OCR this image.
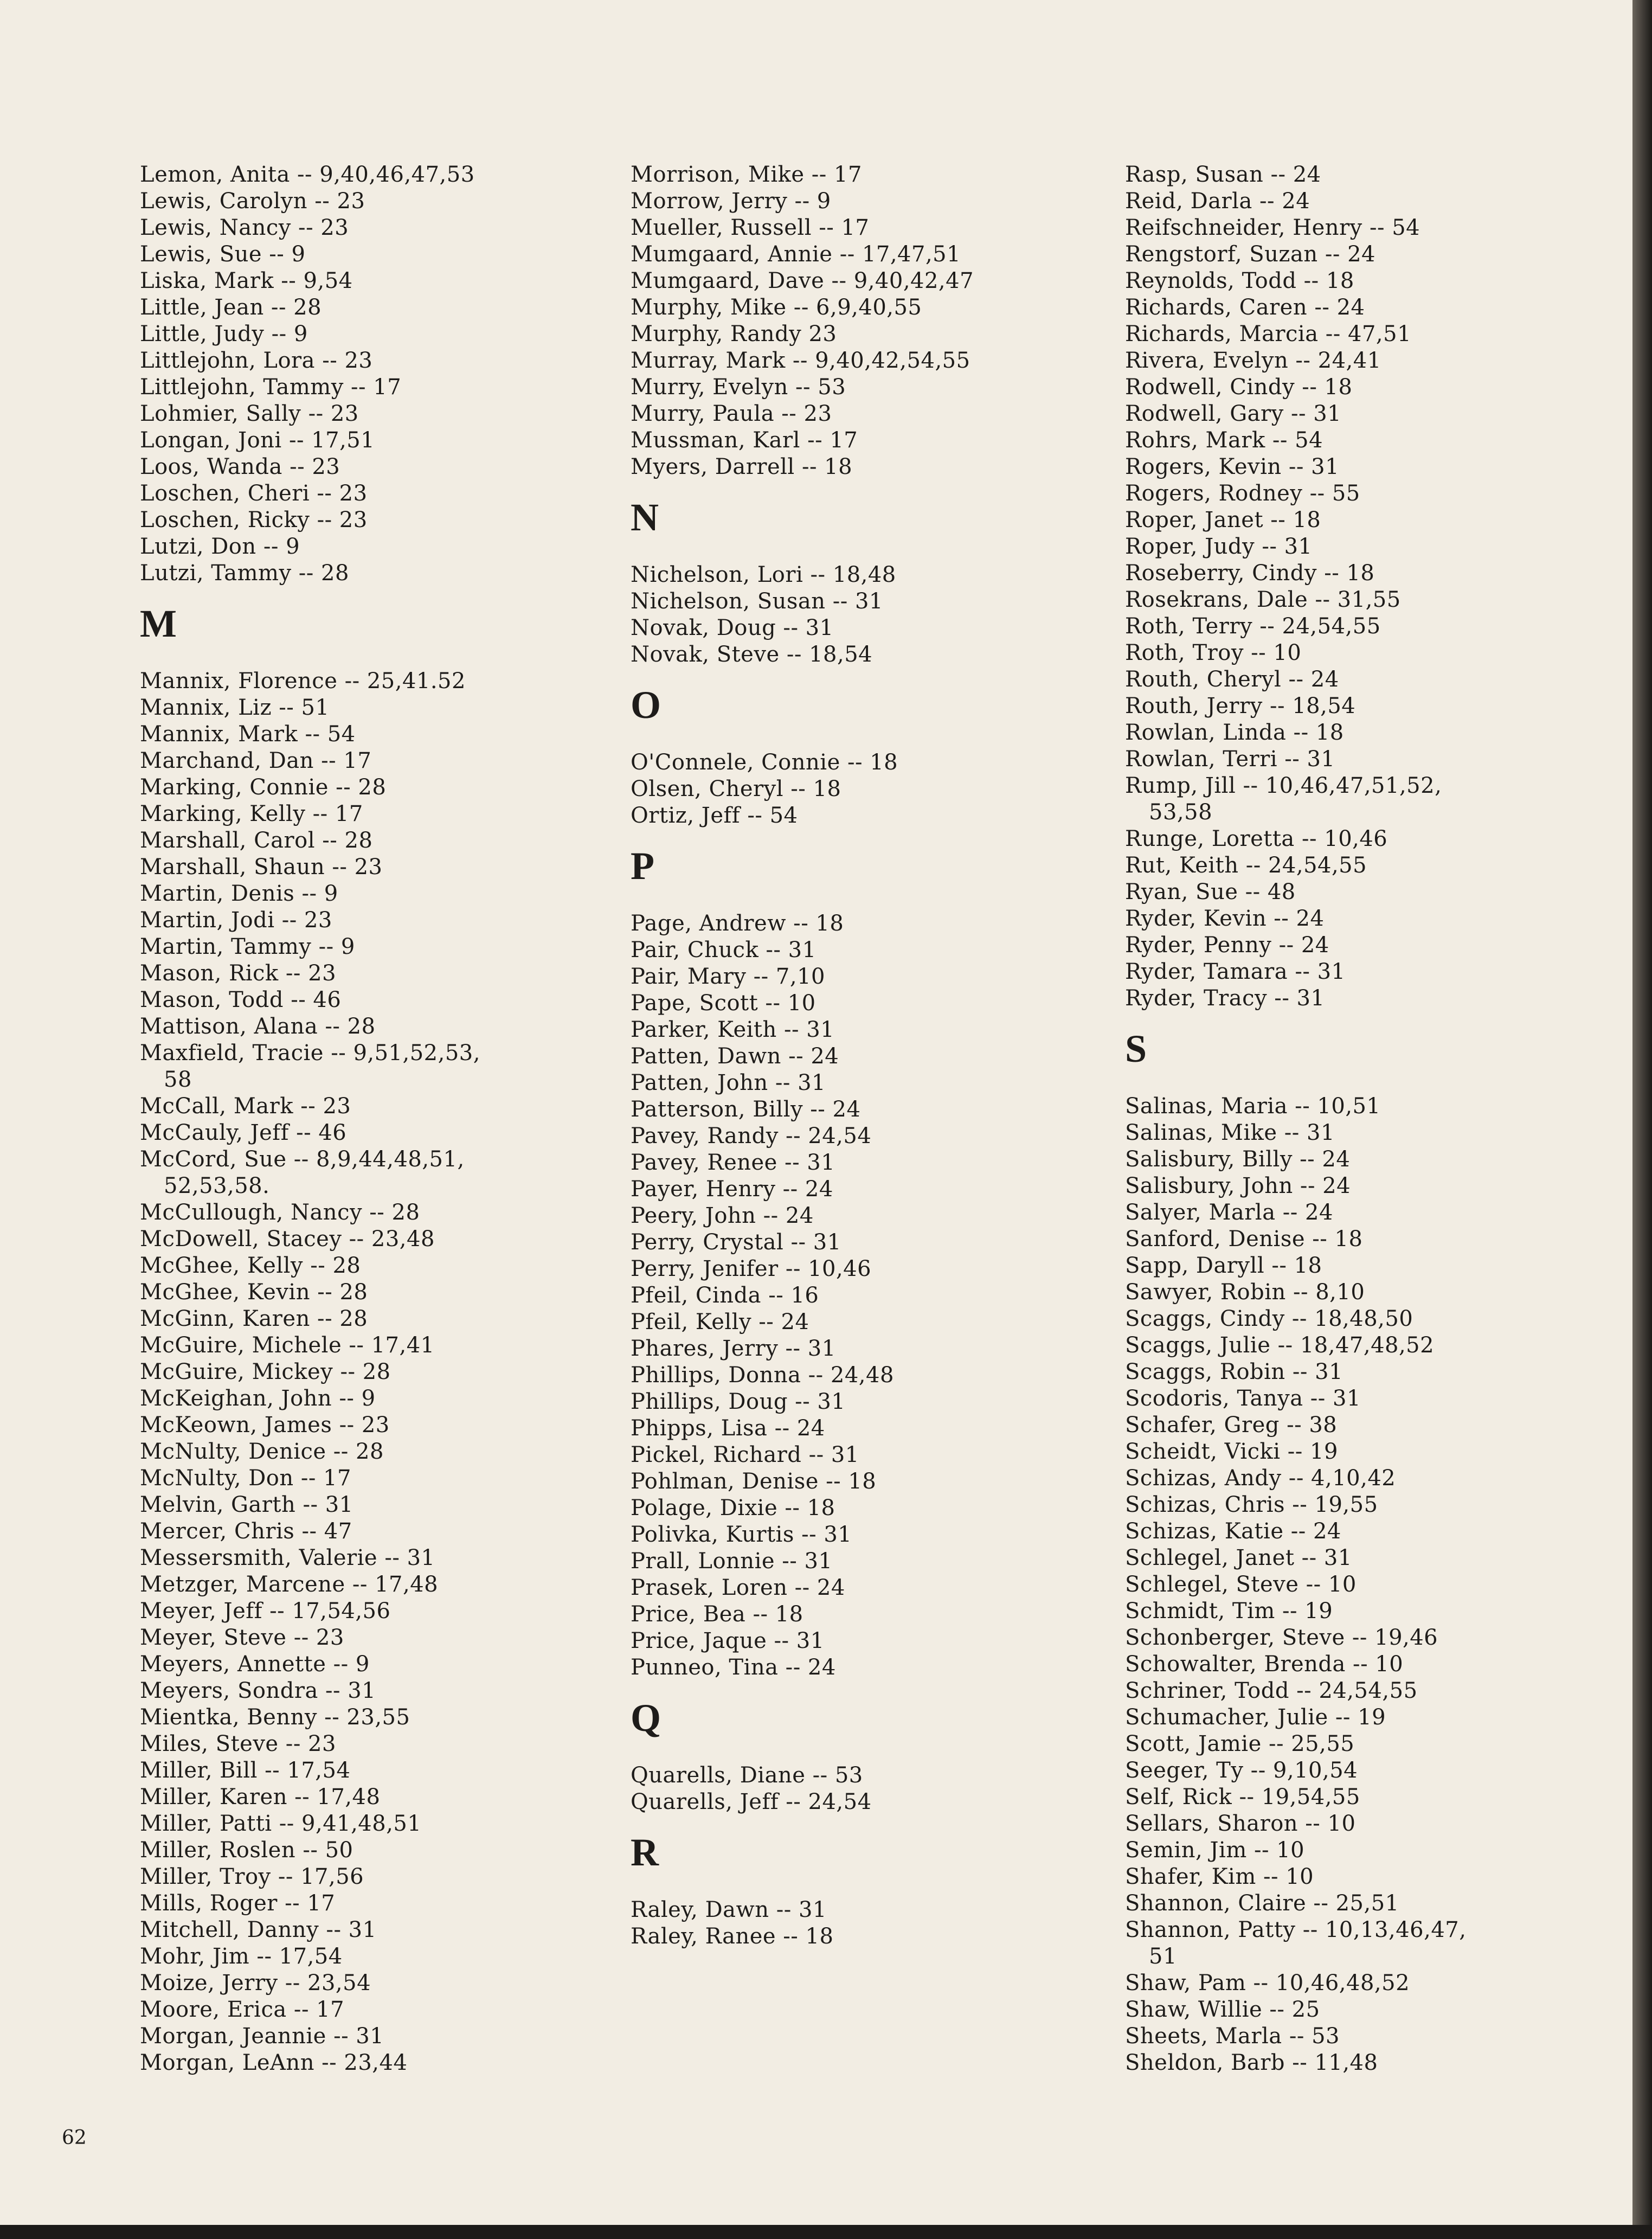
Lemon, Anita -- 9,40,46,47,53
Lewis, Carolyn -- 23
Lewis, Nancy -- 23
Lewis, Sue -- 9
Liska, Mark -- 9,54
Little, Jean -- 28
Little, Judy -- 9
Littlejohn, Lora -- 23
Littlejohn, Tammy -- 17
Lohmier, Sally -- 23
Longan, Joni -- 17,51
Loos, Wanda -- 23
Loschen, Cheri -- 23
Loschen, Ricky -- 23
Lutzi, Don -- 9
Lutzi, Tammy -- 28
M
Mannix, Florence -- 25,41.52
Mannix, Liz -- 51
Mannix, Mark -- 54
Marchand, Dan -- 17
Marking, Connie -- 28
Marking, Kelly -- 17
Marshall, Carol -- 28
Marshall, Shaun -- 23
Martin, Denis -- 9
Martin, Jodi -- 23
Martin, Tammy -- 9
Mason, Rick -- 23
Mason, Todd -- 46
Mattison, Alana -- 28
Maxfield, Tracie -- 9,51,52,53,
58
McCall, Mark -- 23
McCauly, Jeff -- 46
McCord, Sue -- 8,9,44,48,51,
52,53,58.
McCullough, Nancy -- 28
McDowell, Stacey -- 23,48
McGhee, Kelly -- 28
McGhee, Kevin -- 28
McGinn, Karen -- 28
McGuire, Michele -- 17,41
McGuire, Mickey -- 28
McKeighan, John -- 9
McKeown, James -- 23
McNulty, Denice -- 28
McNulty, Don -- 17
Melvin, Garth -- 31
Mercer, Chris -- 47
Messersmith, Valerie -- 31
Metzger, Marcene -- 17,48
Meyer, Jeff -- 17,54,56
Meyer, Steve -- 23
Meyers, Annette -- 9
Meyers, Sondra -- 31
Mientka, Benny -- 23,55
Miles, Steve -- 23
Miller, Bill -- 17,54
Miller, Karen -- 17,48
Miller, Patti -- 9,41,48,51
Miller, Roslen -- 50
Miller, Troy -- 17,56
Mills, Roger -- 17
Mitchell, Danny -- 31
Mohr, Jim -- 17,54
Moize, Jerry -- 23,54
Moore, Erica -- 17
Morgan, Jeannie -- 31
Morgan, LeAnn -- 23,44
Morrison, Mike -- 17
Morrow, Jerry -- 9
Mueller, Russell -- 17
Mumgaard, Annie -- 17,47,51
Mumgaard, Dave -- 9,40,42,47
Murphy, Mike -- 6,9,40,55
Murphy, Randy 23
Murray, Mark -- 9,40,42,54,55
Murry, Evelyn -- 53
Murry, Paula -- 23
Mussman, Karl -- 17
Myers, Darrell -- 18
N
Nichelson, Lori -- 18,48
Nichelson, Susan -- 31
Novak, Doug -- 31
Novak, Steve -- 18,54
O
O'Connele, Connie -- 18
Olsen, Cheryl -- 18
Ortiz, Jeff -- 54
P
Page, Andrew -- 18
Pair, Chuck -- 31
Pair, Mary -- 7,10
Pape, Scott -- 10
Parker, Keith -- 31
Patten, Dawn -- 24
Patten, John -- 31
Patterson, Billy -- 24
Pavey, Randy -- 24,54
Pavey, Renee -- 31
Payer, Henry -- 24
Peery, John -- 24
Perry, Crystal -- 31
Perry, Jenifer -- 10,46
Pfeil, Cinda -- 16
Pfeil, Kelly -- 24
Phares, Jerry -- 31
Phillips, Donna -- 24,48
Phillips, Doug -- 31
Phipps, Lisa -- 24
Pickel, Richard -- 31
Pohlman, Denise -- 18
Polage, Dixie -- 18
Polivka, Kurtis -- 31
Prall, Lonnie -- 31
Prasek, Loren -- 24
Price, Bea -- 18
Price, Jaque -- 31
Punneo, Tina -- 24
Q
Quarells, Diane -- 53
Quarells, Jeff -- 24,54
R
Raley, Dawn -- 31
Raley, Ranee -- 18
Rasp, Susan -- 24
Reid, Darla -- 24
Reifschneider, Henry -- 54
Rengstorf, Suzan -- 24
Reynolds, Todd -- 18
Richards, Caren -- 24
Richards, Marcia -- 47,51
Rivera, Evelyn -- 24,41
Rodwell, Cindy -- 18
Rodwell, Gary -- 31
Rohrs, Mark -- 54
Rogers, Kevin -- 31
Rogers, Rodney -- 55
Roper, Janet -- 18
Roper, Judy -- 31
Roseberry, Cindy -- 18
Rosekrans, Dale -- 31,55
Roth, Terry -- 24,54,55
Roth, Troy -- 10
Routh, Cheryl -- 24
Routh, Jerry -- 18,54
Rowlan, Linda -- 18
Rowlan, Terri -- 31
Rump, Jill -- 10,46,47,51,52,
53,58
Runge, Loretta -- 10,46
Rut, Keith -- 24,54,55
Ryan, Sue -- 48
Ryder, Kevin -- 24
Ryder, Penny -- 24
Ryder, Tamara -- 31
Ryder, Tracy -- 31
S
Salinas, Maria -- 10,51
Salinas, Mike -- 31
Salisbury, Billy -- 24
Salisbury, John -- 24
Salyer, Marla -- 24
Sanford, Denise -- 18
Sapp, Daryll -- 18
Sawyer, Robin -- 8,10
Scaggs, Cindy -- 18,48,50
Scaggs, Julie -- 18,47,48,52
Scaggs, Robin -- 31
Scodoris, Tanya -- 31
Schafer, Greg -- 38
Scheidt, Vicki -- 19
Schizas, Andy -- 4,10,42
Schizas, Chris -- 19,55
Schizas, Katie -- 24
Schlegel, Janet -- 31
Schlegel, Steve -- 10
Schmidt, Tim -- 19
Schonberger, Steve -- 19,46
Schowalter, Brenda -- 10
Schriner, Todd -- 24,54,55
Schumacher, Julie -- 19
Scott, Jamie -- 25,55
Seeger, Ty -- 9,10,54
Self, Rick -- 19,54,55
Sellars, Sharon -- 10
Semin, Jim -- 10
Shafer, Kim -- 10
Shannon, Claire -- 25,51
Shannon, Patty -- 10,13,46,47,
51
Shaw, Pam -- 10,46,48,52
Shaw, Willie -- 25
Sheets, Marla -- 53
Sheldon, Barb -- 11,48
62
